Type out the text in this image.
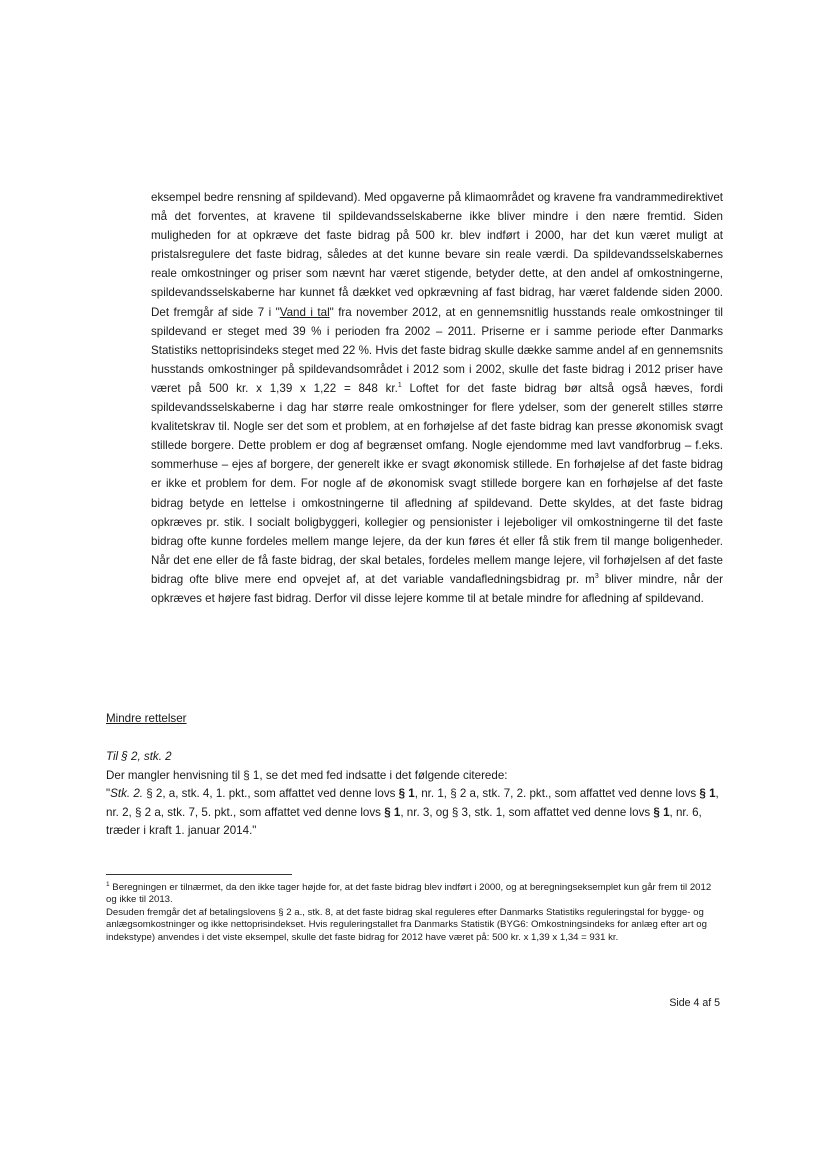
eksempel bedre rensning af spildevand). Med opgaverne på klimaområdet og kravene fra vandrammedirektivet må det forventes, at kravene til spildevandsselskaberne ikke bliver mindre i den nære fremtid. Siden muligheden for at opkræve det faste bidrag på 500 kr. blev indført i 2000, har det kun været muligt at pristalsregulere det faste bidrag, således at det kunne bevare sin reale værdi. Da spildevandsselskabernes reale omkostninger og priser som nævnt har været stigende, betyder dette, at den andel af omkostningerne, spildevandsselskaberne har kunnet få dækket ved opkrævning af fast bidrag, har været faldende siden 2000. Det fremgår af side 7 i "Vand i tal" fra november 2012, at en gennemsnitlig husstands reale omkostninger til spildevand er steget med 39 % i perioden fra 2002 – 2011. Priserne er i samme periode efter Danmarks Statistiks nettoprisindeks steget med 22 %. Hvis det faste bidrag skulle dække samme andel af en gennemsnits husstands omkostninger på spildevandsområdet i 2012 som i 2002, skulle det faste bidrag i 2012 priser have været på 500 kr. x 1,39 x 1,22 = 848 kr.$^1$ Loftet for det faste bidrag bør altså også hæves, fordi spildevandsselskaberne i dag har større reale omkostninger for flere ydelser, som der generelt stilles større kvalitetskrav til. Nogle ser det som et problem, at en forhøjelse af det faste bidrag kan presse økonomisk svagt stillede borgere. Dette problem er dog af begrænset omfang. Nogle ejendomme med lavt vandforbrug – f.eks. sommerhuse – ejes af borgere, der generelt ikke er svagt økonomisk stillede. En forhøjelse af det faste bidrag er ikke et problem for dem. For nogle af de økonomisk svagt stillede borgere kan en forhøjelse af det faste bidrag betyde en lettelse i omkostningerne til afledning af spildevand. Dette skyldes, at det faste bidrag opkræves pr. stik. I socialt boligbyggeri, kollegier og pensionister i lejeboliger vil omkostningerne til det faste bidrag ofte kunne fordeles mellem mange lejere, da der kun føres ét eller få stik frem til mange boligenheder. Når det ene eller de få faste bidrag, der skal betales, fordeles mellem mange lejere, vil forhøjelsen af det faste bidrag ofte blive mere end opvejet af, at det variable vandafledningsbidrag pr. $m^3$ bliver mindre, når der opkræves et højere fast bidrag. Derfor vil disse lejere komme til at betale mindre for afledning af spildevand.

Mindre rettelser

Til § 2, stk. 2

Der mangler henvisning til § 1, se det med fed indsatte i det følgende citerede:

"Stk. 2. § 2, a, stk. 4, 1. pkt., som affattet ved denne lovs § 1, nr. 1, § 2 a, stk. 7, 2. pkt., som affattet ved denne lovs § 1, nr. 2, § 2 a, stk. 7, 5. pkt., som affattet ved denne lovs § 1, nr. 3, og § 3, stk. 1, som affattet ved denne lovs § 1, nr. 6, træder i kraft 1. januar 2014."

$^1$ Beregningen er tilnærmet, da den ikke tager højde for, at det faste bidrag blev indført i 2000, og at beregningseksemplet kun går frem til 2012 og ikke til 2013.

Desuden fremgår det af betalingslovens § 2 a., stk. 8, at det faste bidrag skal reguleres efter Danmarks Statistiks reguleringstal for bygge- og anlægsomkostninger og ikke nettoprisindekset. Hvis reguleringstallet fra Danmarks Statistik (BYG6: Omkostningsindeks for anlæg efter art og indekstype) anvendes i det viste eksempel, skulle det faste bidrag for 2012 have været på: 500 kr. x 1,39 x 1,34 = 931 kr.

Side 4 af 5
